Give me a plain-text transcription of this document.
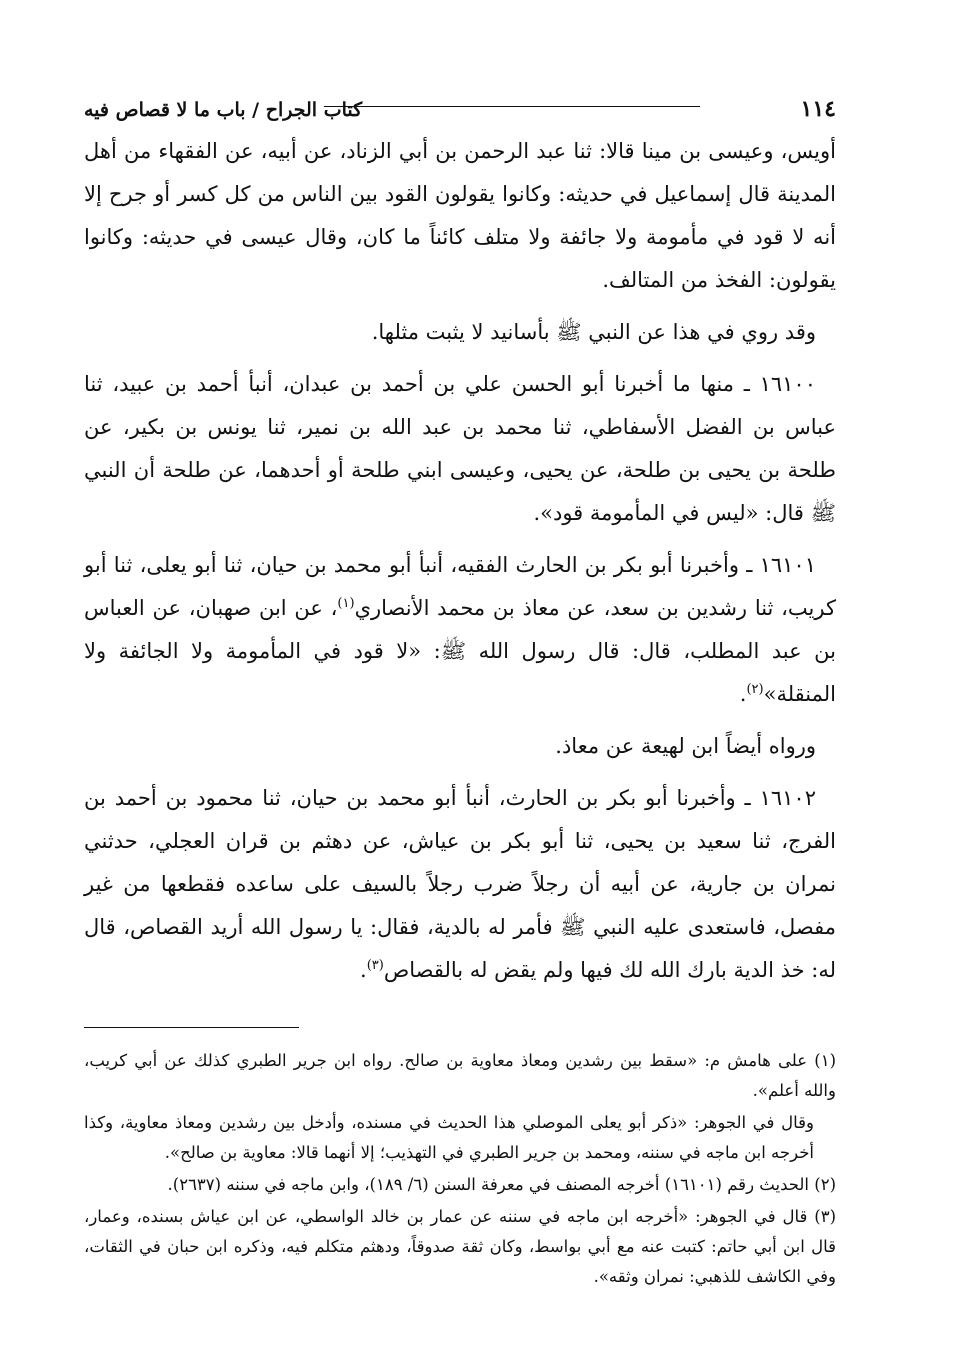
١١٤
كتاب الجراح / باب ما لا قصاص فيه

أويس، وعيسى بن مينا قالا: ثنا عبد الرحمن بن أبي الزناد، عن أبيه، عن الفقهاء من أهل المدينة قال إسماعيل في حديثه: وكانوا يقولون القود بين الناس من كل كسر أو جرح إلا أنه لا قود في مأمومة ولا جائفة ولا متلف كائناً ما كان، وقال عيسى في حديثه: وكانوا يقولون: الفخذ من المتالف.

وقد روي في هذا عن النبي ﷺ بأسانيد لا يثبت مثلها.

١٦١٠٠ ـ منها ما أخبرنا أبو الحسن علي بن أحمد بن عبدان، أنبأ أحمد بن عبيد، ثنا عباس بن الفضل الأسفاطي، ثنا محمد بن عبد الله بن نمير، ثنا يونس بن بكير، عن طلحة بن يحيى بن طلحة، عن يحيى، وعيسى ابني طلحة أو أحدهما، عن طلحة أن النبي ﷺ قال: «ليس في المأمومة قود».

١٦١٠١ ـ وأخبرنا أبو بكر بن الحارث الفقيه، أنبأ أبو محمد بن حيان، ثنا أبو يعلى، ثنا أبو كريب، ثنا رشدين بن سعد، عن معاذ بن محمد الأنصاري$^{(١)}$، عن ابن صهبان، عن العباس بن عبد المطلب، قال: قال رسول الله ﷺ: «لا قود في المأمومة ولا الجائفة ولا المنقلة»$^{(٢)}$.

ورواه أيضاً ابن لهيعة عن معاذ.

١٦١٠٢ ـ وأخبرنا أبو بكر بن الحارث، أنبأ أبو محمد بن حيان، ثنا محمود بن أحمد بن الفرج، ثنا سعيد بن يحيى، ثنا أبو بكر بن عياش، عن دهثم بن قران العجلي، حدثني نمران بن جارية، عن أبيه أن رجلاً ضرب رجلاً بالسيف على ساعده فقطعها من غير مفصل، فاستعدى عليه النبي ﷺ فأمر له بالدية، فقال: يا رسول الله أريد القصاص، قال له: خذ الدية بارك الله لك فيها ولم يقض له بالقصاص$^{(٣)}$.

(١) على هامش م: «سقط بين رشدين ومعاذ معاوية بن صالح. رواه ابن جرير الطبري كذلك عن أبي كريب، والله أعلم».

وقال في الجوهر: «ذكر أبو يعلى الموصلي هذا الحديث في مسنده، وأدخل بين رشدين ومعاذ معاوية، وكذا أخرجه ابن ماجه في سننه، ومحمد بن جرير الطبري في التهذيب؛ إلا أنهما قالا: معاوية بن صالح».

(٢) الحديث رقم (١٦١٠١) أخرجه المصنف في معرفة السنن (٦/ ١٨٩)، وابن ماجه في سننه (٢٦٣٧).

(٣) قال في الجوهر: «أخرجه ابن ماجه في سننه عن عمار بن خالد الواسطي، عن ابن عياش بسنده، وعمار، قال ابن أبي حاتم: كتبت عنه مع أبي بواسط، وكان ثقة صدوقاً، ودهثم متكلم فيه، وذكره ابن حبان في الثقات، وفي الكاشف للذهبي: نمران وثقه».
